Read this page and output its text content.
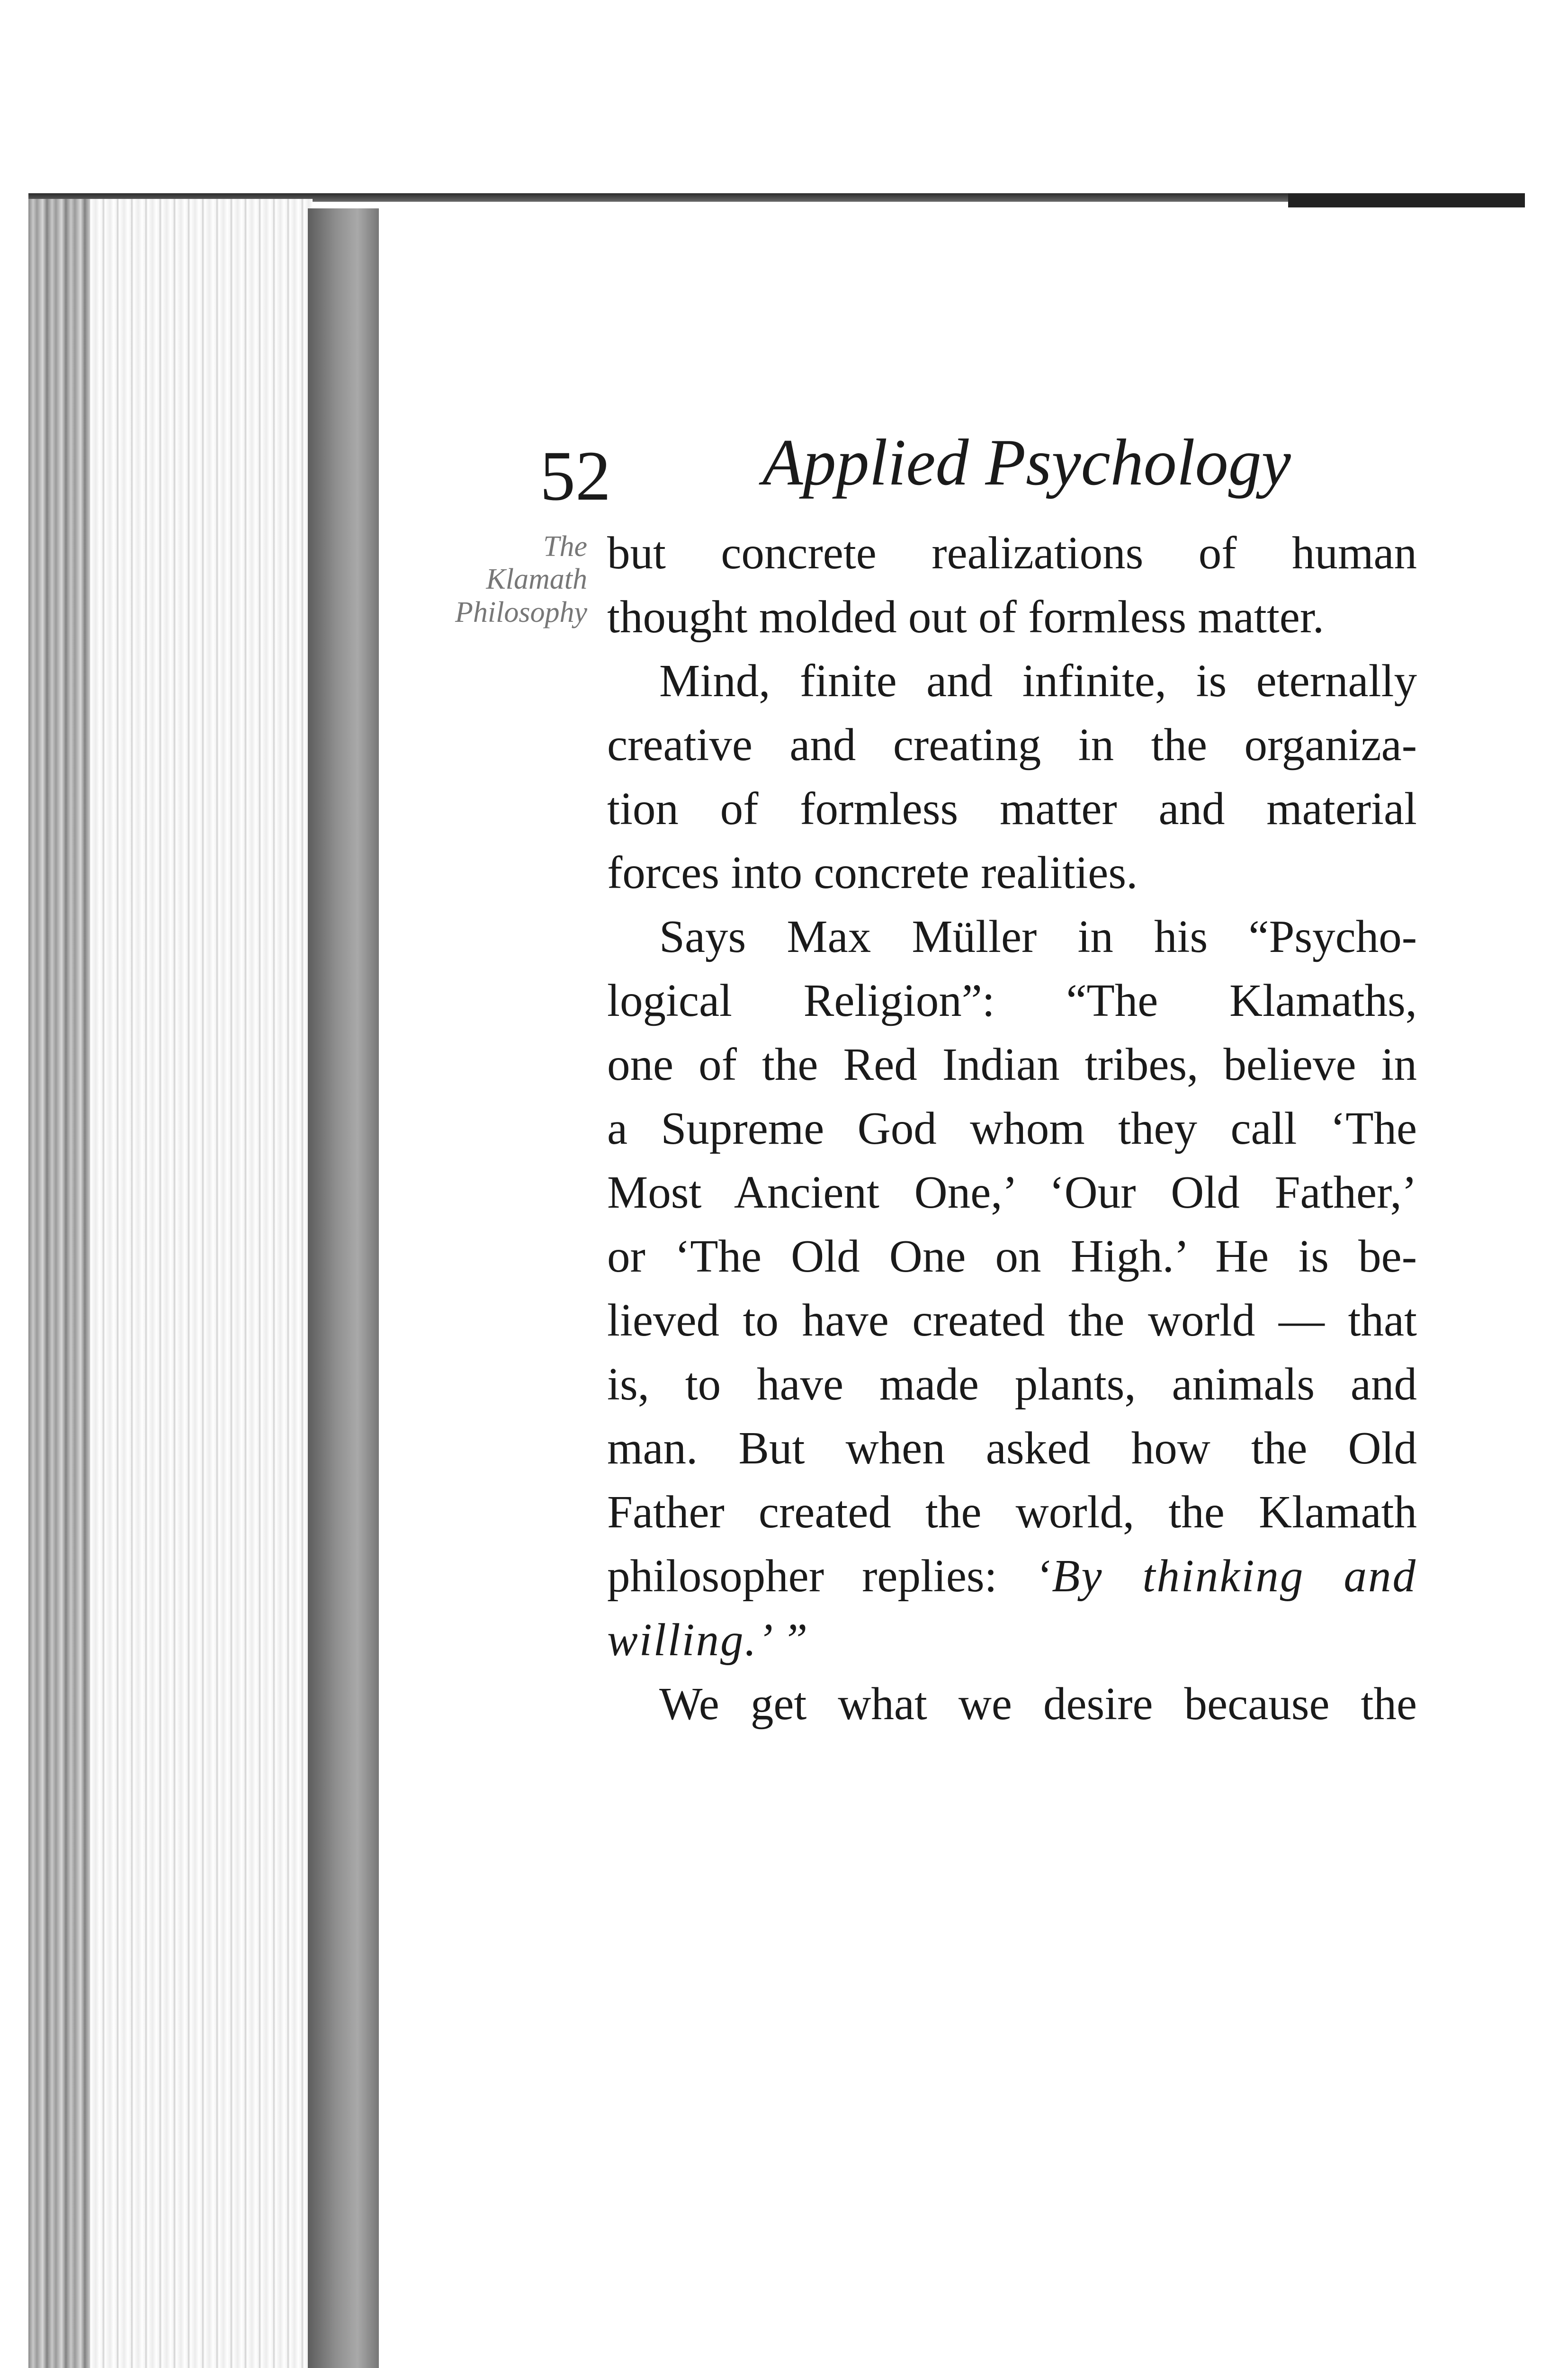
52 Applied Psychology
The
Klamath
Philosophy

but concrete realizations of human
thought molded out of formless matter.

Mind, finite and infinite, is eternally
creative and creating in the organiza-
tion of formless matter and material
forces into concrete realities.

Says Max Müller in his “Psycho-
logical Religion”: “The Klamaths,
one of the Red Indian tribes, believe in
a Supreme God whom they call ‘The
Most Ancient One,’ ‘Our Old Father,’
or ‘The Old One on High.’ He is be-
lieved to have created the world — that
is, to have made plants, animals and
man. But when asked how the Old
Father created the world, the Klamath
philosopher replies: ‘By thinking and
willing.’ ”

We get what we desire because the
